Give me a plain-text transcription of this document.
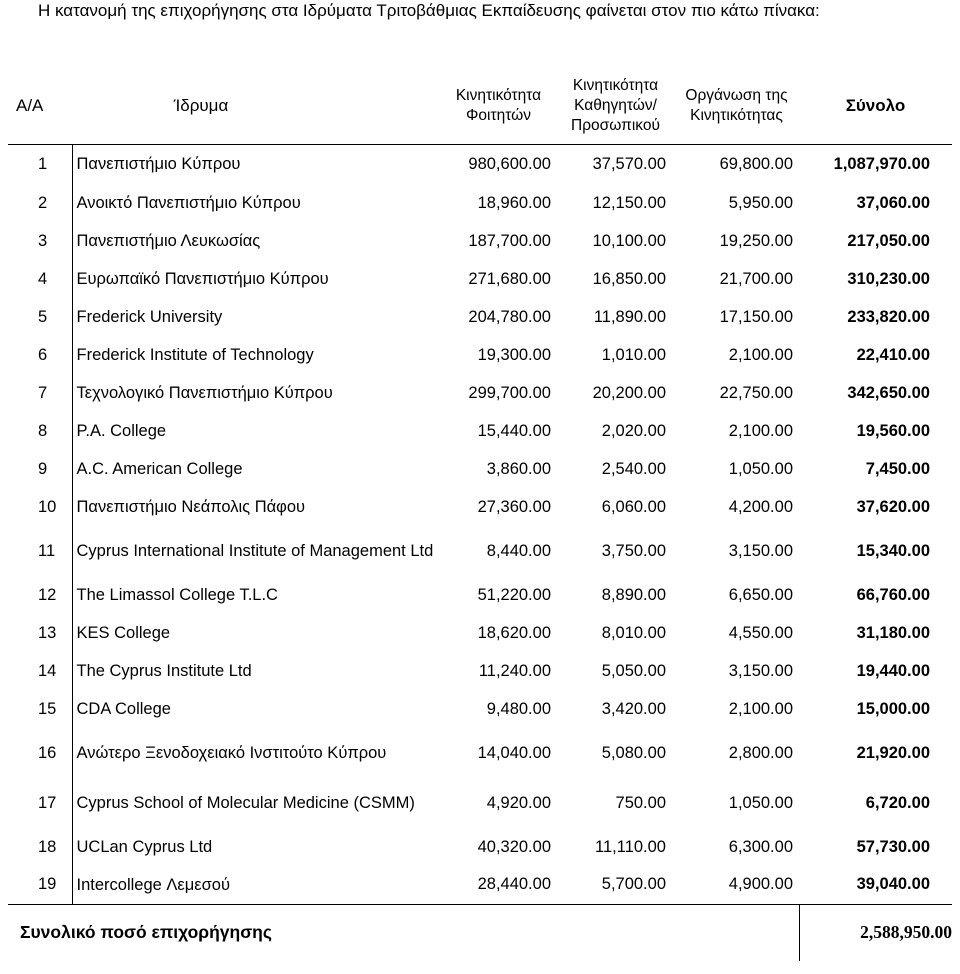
Η κατανομή της επιχορήγησης στα Ιδρύματα Τριτοβάθμιας Εκπαίδευσης φαίνεται στον πιο κάτω πίνακα:
Α/Α	Ίδρυμα	Κινητικότητα Φοιτητών	Κινητικότητα Καθηγητών/ Προσωπικού	Οργάνωση της Κινητικότητας	Σύνολο
1	Πανεπιστήμιο Κύπρου	980,600.00	37,570.00	69,800.00	1,087,970.00
2	Ανοικτό Πανεπιστήμιο Κύπρου	18,960.00	12,150.00	5,950.00	37,060.00
3	Πανεπιστήμιο Λευκωσίας	187,700.00	10,100.00	19,250.00	217,050.00
4	Ευρωπαϊκό Πανεπιστήμιο Κύπρου	271,680.00	16,850.00	21,700.00	310,230.00
5	Frederick University	204,780.00	11,890.00	17,150.00	233,820.00
6	Frederick Institute of Technology	19,300.00	1,010.00	2,100.00	22,410.00
7	Τεχνολογικό Πανεπιστήμιο Κύπρου	299,700.00	20,200.00	22,750.00	342,650.00
8	P.A. College	15,440.00	2,020.00	2,100.00	19,560.00
9	A.C. American College	3,860.00	2,540.00	1,050.00	7,450.00
10	Πανεπιστήμιο Νεάπολις Πάφου	27,360.00	6,060.00	4,200.00	37,620.00
11	Cyprus International Institute of Management Ltd	8,440.00	3,750.00	3,150.00	15,340.00
12	The Limassol College T.L.C	51,220.00	8,890.00	6,650.00	66,760.00
13	KES College	18,620.00	8,010.00	4,550.00	31,180.00
14	The Cyprus Institute Ltd	11,240.00	5,050.00	3,150.00	19,440.00
15	CDA College	9,480.00	3,420.00	2,100.00	15,000.00
16	Ανώτερο Ξενοδοχειακό Ινστιτούτο Κύπρου	14,040.00	5,080.00	2,800.00	21,920.00
17	Cyprus School of Molecular Medicine (CSMM)	4,920.00	750.00	1,050.00	6,720.00
18	UCLan Cyprus Ltd	40,320.00	11,110.00	6,300.00	57,730.00
19	Intercollege Λεμεσού	28,440.00	5,700.00	4,900.00	39,040.00
Συνολικό ποσό επιχορήγησης					2,588,950.00
